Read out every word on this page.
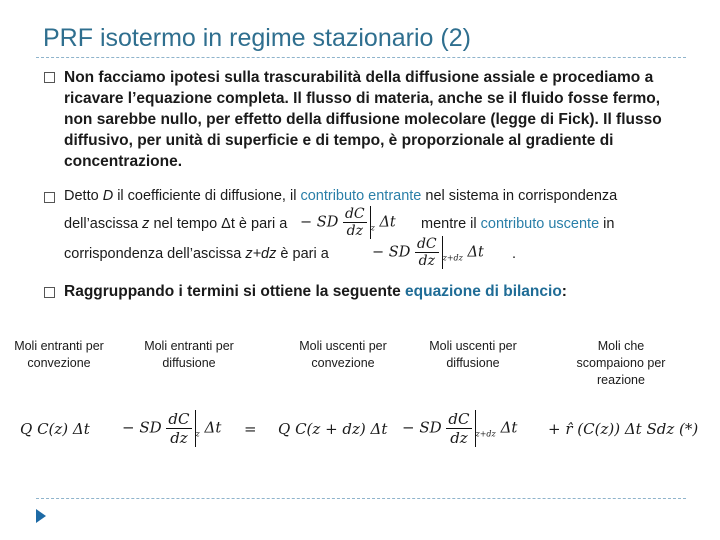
PRF isotermo in regime stazionario (2)
Non facciamo ipotesi sulla trascurabilità della diffusione assiale e procediamo a ricavare l’equazione completa. Il flusso di materia, anche se il fluido fosse fermo, non sarebbe nullo, per effetto della diffusione molecolare (legge di Fick). Il flusso diffusivo, per unità di superficie e di tempo, è proporzionale al gradiente di concentrazione.
Detto D il coefficiente di diffusione, il contributo entrante nel sistema in corrispondenza
dell’ascissa z nel tempo Δt è pari a − SD $\frac{dC}{dz} _z$ Δt mentre il contributo uscente in
corrispondenza dell’ascissa z+dz è pari a	− SD $\frac{dC}{dz} _{z+dz}$ Δt .
Raggruppando i termini si ottiene la seguente equazione di bilancio:
Moli entranti per convezione
Moli entranti per diffusione
Moli uscenti per convezione
Moli uscenti per diffusione
Moli che scompaiono per reazione
Q C(z) Δt − SD $\frac{dC}{dz} _z$ Δt = Q C(z + dz) Δt − SD $\frac{dC}{dz} _{z+dz}$ Δt + r̂ (C(z)) Δt Sdz (*)
